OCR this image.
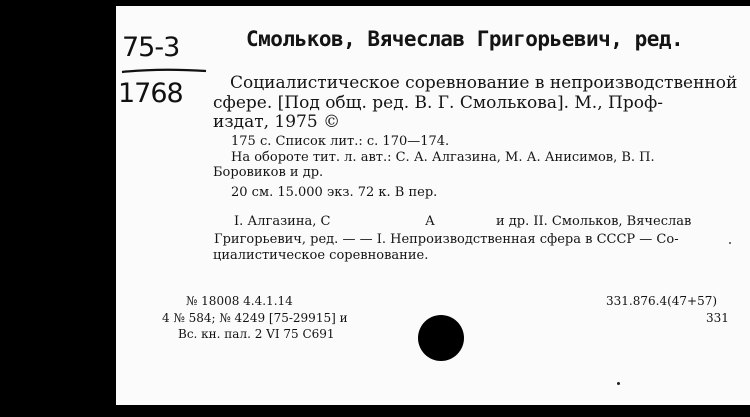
75-3
1768
Смольков, Вячеслав Григорьевич, ред.
Социалистическое соревнование в непроизводственной
сфере. [Под общ. ред. В. Г. Смолькова]. М., Проф-
издат, 1975 ©
175 с. Список лит.: с. 170—174.
На обороте тит. л. авт.: С. А. Алгазина, М. А. Анисимов, В. П.
Боровиков и др.
20 см. 15.000 экз. 72 к. В пер.
I. Алгазина, С	А	и др. II. Смольков, Вячеслав
Григорьевич, ред. — — I. Непроизводственная сфера в СССР — Со-
циалистическое соревнование.
№ 18008 4.4.1.14
4 № 584; № 4249 [75-29915] и
Вс. кн. пал. 2 VI 75 С691
331.876.4(47+57)
331
